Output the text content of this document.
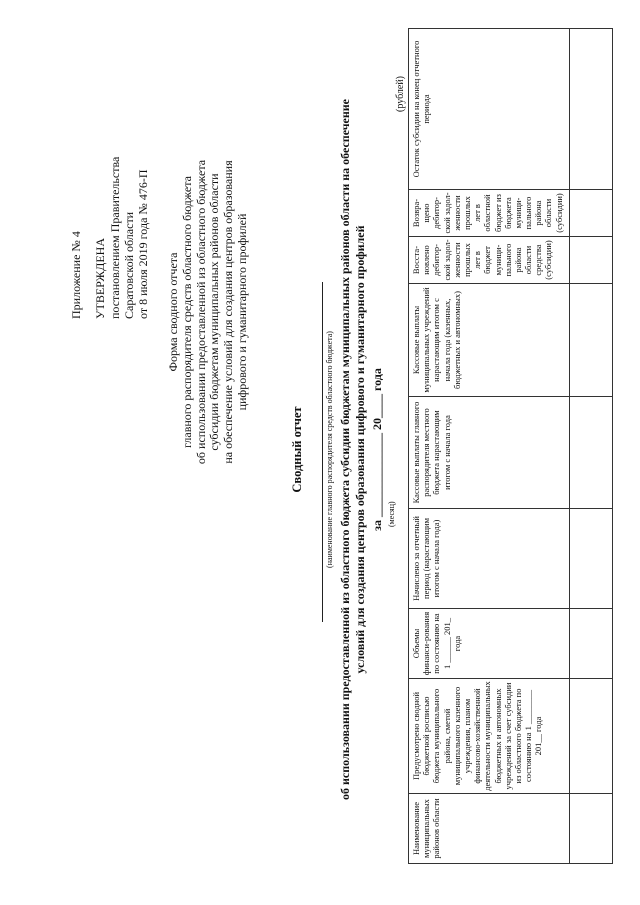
Приложение № 4 УТВЕРЖДЕНА постановлением Правительства Саратовской области от 8 июля 2019 года № 476-П Форма сводного отчета главного распорядителя средств областного бюджета об использовании предоставленной из областного бюджета субсидии бюджетам муниципальных районов области на обеспечение условий для создания центров образования цифрового и гуманитарного профилей
Сводный отчет	(наименование главного распорядителя средств областного бюджета) об использовании предоставленной из областного бюджета субсидии бюджетам муниципальных районов области на обеспечение условий для создания центров образования цифрового и гуманитарного профилей за ______________ 20____ года (месяц)
(рублей)
Наименование муниципальных районов области	Предусмотрено сводной бюджетной росписью бюджета муниципального района, сметой муниципального казенного учреждения, планом финансово-хозяйственной деятельности муниципальных бюджетных и автономных учреждений за счет субсидии из областного бюджета по состоянию на 1 ________ 201__ года	Объемы финанси-рования по состоянию на 1 ______ 201_ года	Начислено за отчетный период (нарастающим итогом с начала года)	Кассовые выплаты главного распорядителя местного бюджета нарастающим итогом с начала года	Кассовые выплаты муниципальных учреждений нарастающим итогом с начала года (казенных, бюджетных и автономных)	Восста-новлено дебитор-ской задол-женности прошлых лет в бюджет муници-пального района области средства (субсидии)	Возвра-щено дебитор-ской задол-женности прошлых лет в областной бюджет из бюджета муници-пального района области (субсидии)	Остаток субсидии на конец отчетного периода
